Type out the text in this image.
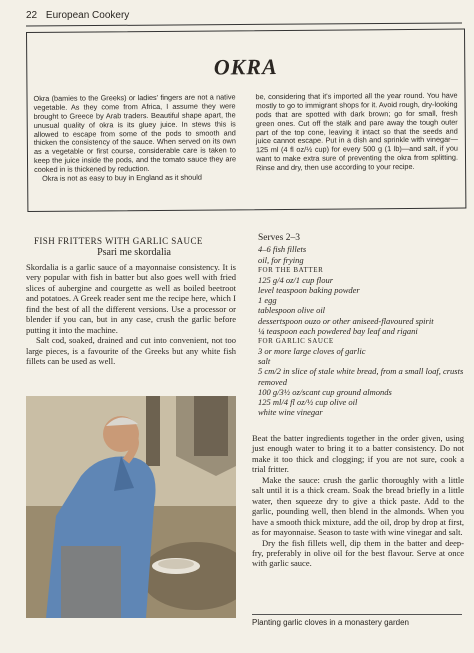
22 European Cookery
OKRA

Okra (bamies to the Greeks) or ladies' fingers are not a native vegetable. As they come from Africa, I assume they were brought to Greece by Arab traders. Beautiful shape apart, the unusual quality of okra is its gluey juice. In stews this is allowed to escape from some of the pods to smooth and thicken the consistency of the sauce. When served on its own as a vegetable or first course, considerable care is taken to keep the juice inside the pods, and the tomato sauce they are cooked in is thickened by reduction.

Okra is not as easy to buy in England as it should

be, considering that it's imported all the year round. You have mostly to go to immigrant shops for it. Avoid rough, dry-looking pods that are spotted with dark brown; go for small, fresh green ones. Cut off the stalk and pare away the tough outer part of the top cone, leaving it intact so that the seeds and juice cannot escape. Put in a dish and sprinkle with vinegar—125 ml (4 fl oz/½ cup) for every 500 g (1 lb)—and salt, if you want to make extra sure of preventing the okra from splitting. Rinse and dry, then use according to your recipe.

FISH FRITTERS WITH GARLIC SAUCE
Psari me skordalia

Skordalia is a garlic sauce of a mayonnaise consistency. It is very popular with fish in batter but also goes well with fried slices of aubergine and courgette as well as boiled beetroot and potatoes. A Greek reader sent me the recipe here, which I find the best of all the different versions. Use a processor or blender if you can, but in any case, crush the garlic before putting it into the machine.

Salt cod, soaked, drained and cut into convenient, not too large pieces, is a favourite of the Greeks but any white fish fillets can be used as well.

Serves 2–3

4–6 fish fillets

oil, for frying

FOR THE BATTER

125 g/4 oz/1 cup flour

level teaspoon baking powder

1 egg

tablespoon olive oil

dessertspoon ouzo or other aniseed-flavoured spirit

¼ teaspoon each powdered bay leaf and rigani

FOR GARLIC SAUCE

3 or more large cloves of garlic

salt

5 cm/2 in slice of stale white bread, from a small loaf, crusts removed

100 g/3½ oz/scant cup ground almonds

125 ml/4 fl oz/½ cup olive oil

white wine vinegar

Beat the batter ingredients together in the order given, using just enough water to bring it to a batter consistency. Do not make it too thick and clogging; if you are not sure, cook a trial fritter.

Make the sauce: crush the garlic thoroughly with a little salt until it is a thick cream. Soak the bread briefly in a little water, then squeeze dry to give a thick paste. Add to the garlic, pounding well, then blend in the almonds. When you have a smooth thick mixture, add the oil, drop by drop at first, as for mayonnaise. Season to taste with wine vinegar and salt.

Dry the fish fillets well, dip them in the batter and deep-fry, preferably in olive oil for the best flavour. Serve at once with garlic sauce.

Planting garlic cloves in a monastery garden
